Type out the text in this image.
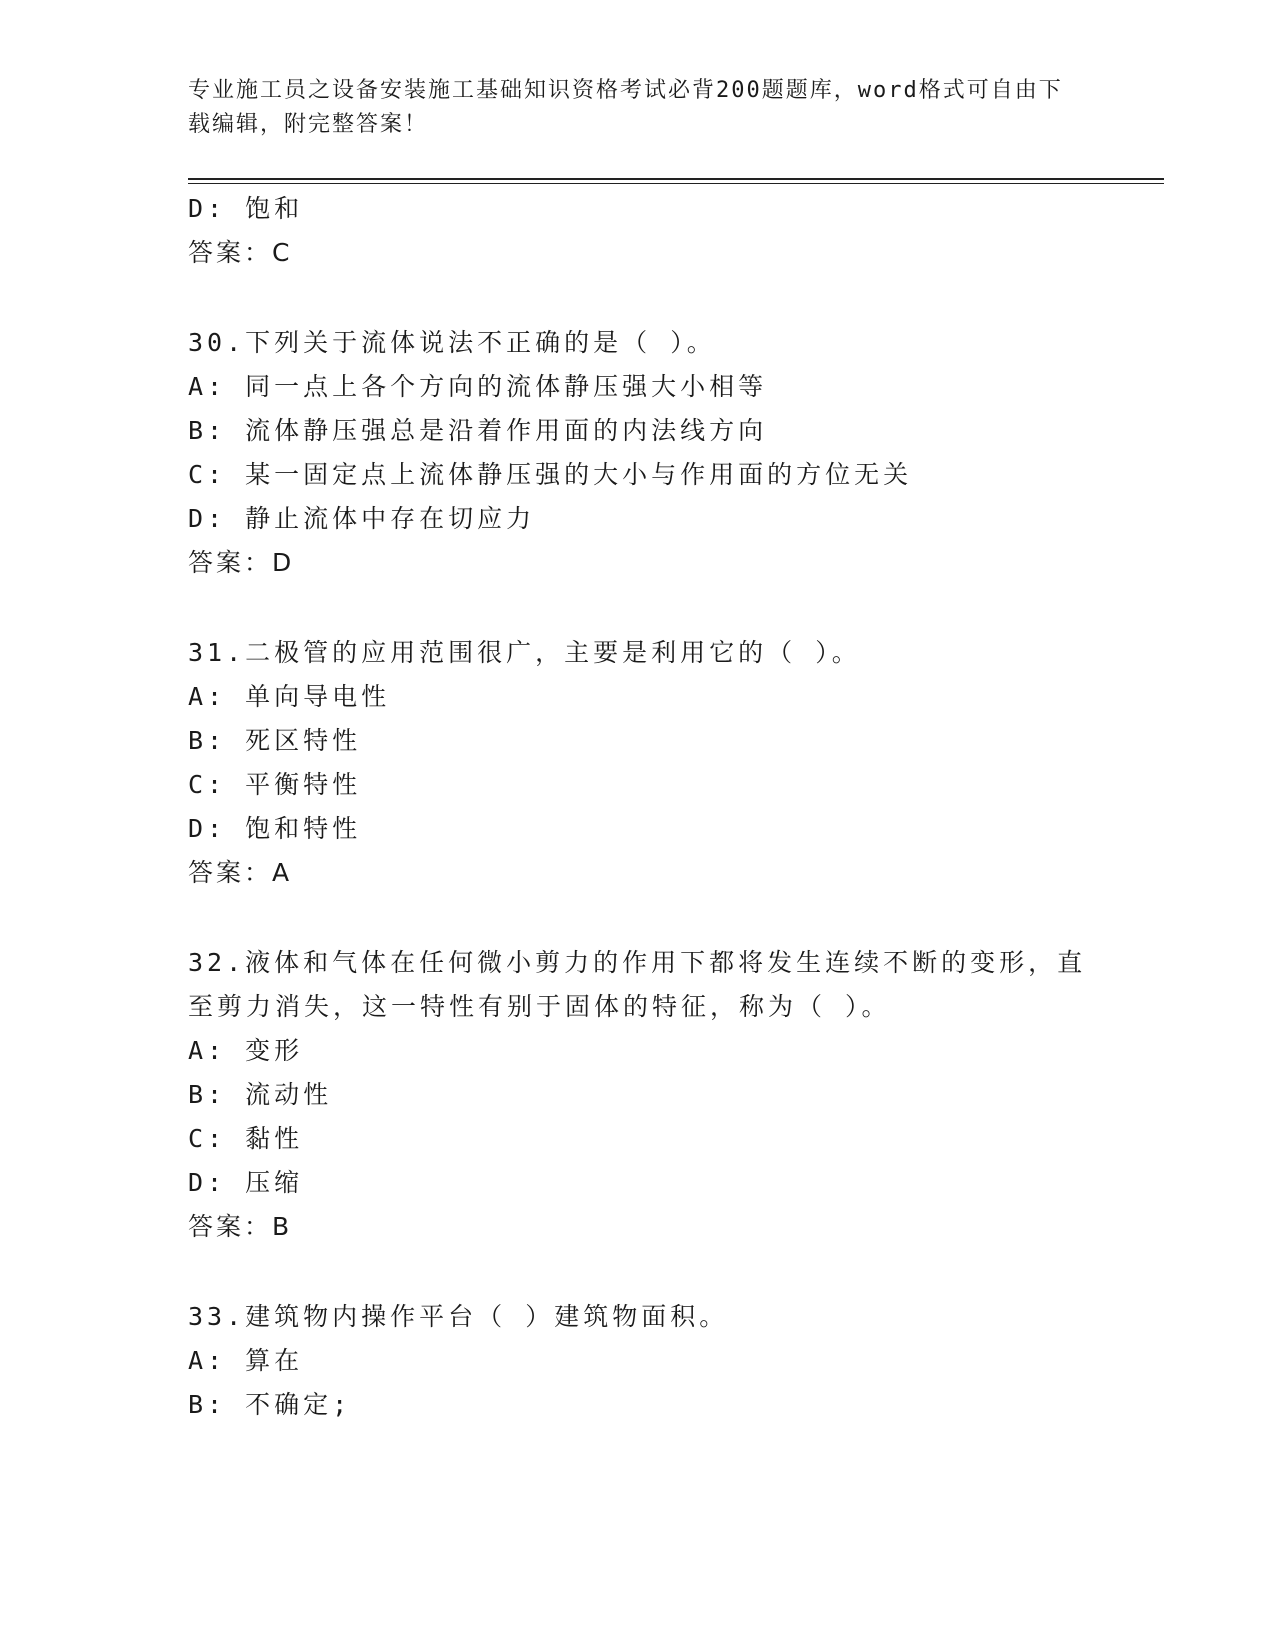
专业施工员之设备安装施工基础知识资格考试必背200题题库，word格式可自由下载编辑，附完整答案！
D: 饱和
答案：C
30.下列关于流体说法不正确的是（ ）。
A: 同一点上各个方向的流体静压强大小相等
B: 流体静压强总是沿着作用面的内法线方向
C: 某一固定点上流体静压强的大小与作用面的方位无关
D: 静止流体中存在切应力
答案：D
31.二极管的应用范围很广，主要是利用它的（ ）。
A: 单向导电性
B: 死区特性
C: 平衡特性
D: 饱和特性
答案：A
32.液体和气体在任何微小剪力的作用下都将发生连续不断的变形，直
至剪力消失，这一特性有别于固体的特征，称为（ ）。
A: 变形
B: 流动性
C: 黏性
D: 压缩
答案：B
33.建筑物内操作平台（ ）建筑物面积。
A: 算在
B: 不确定;
